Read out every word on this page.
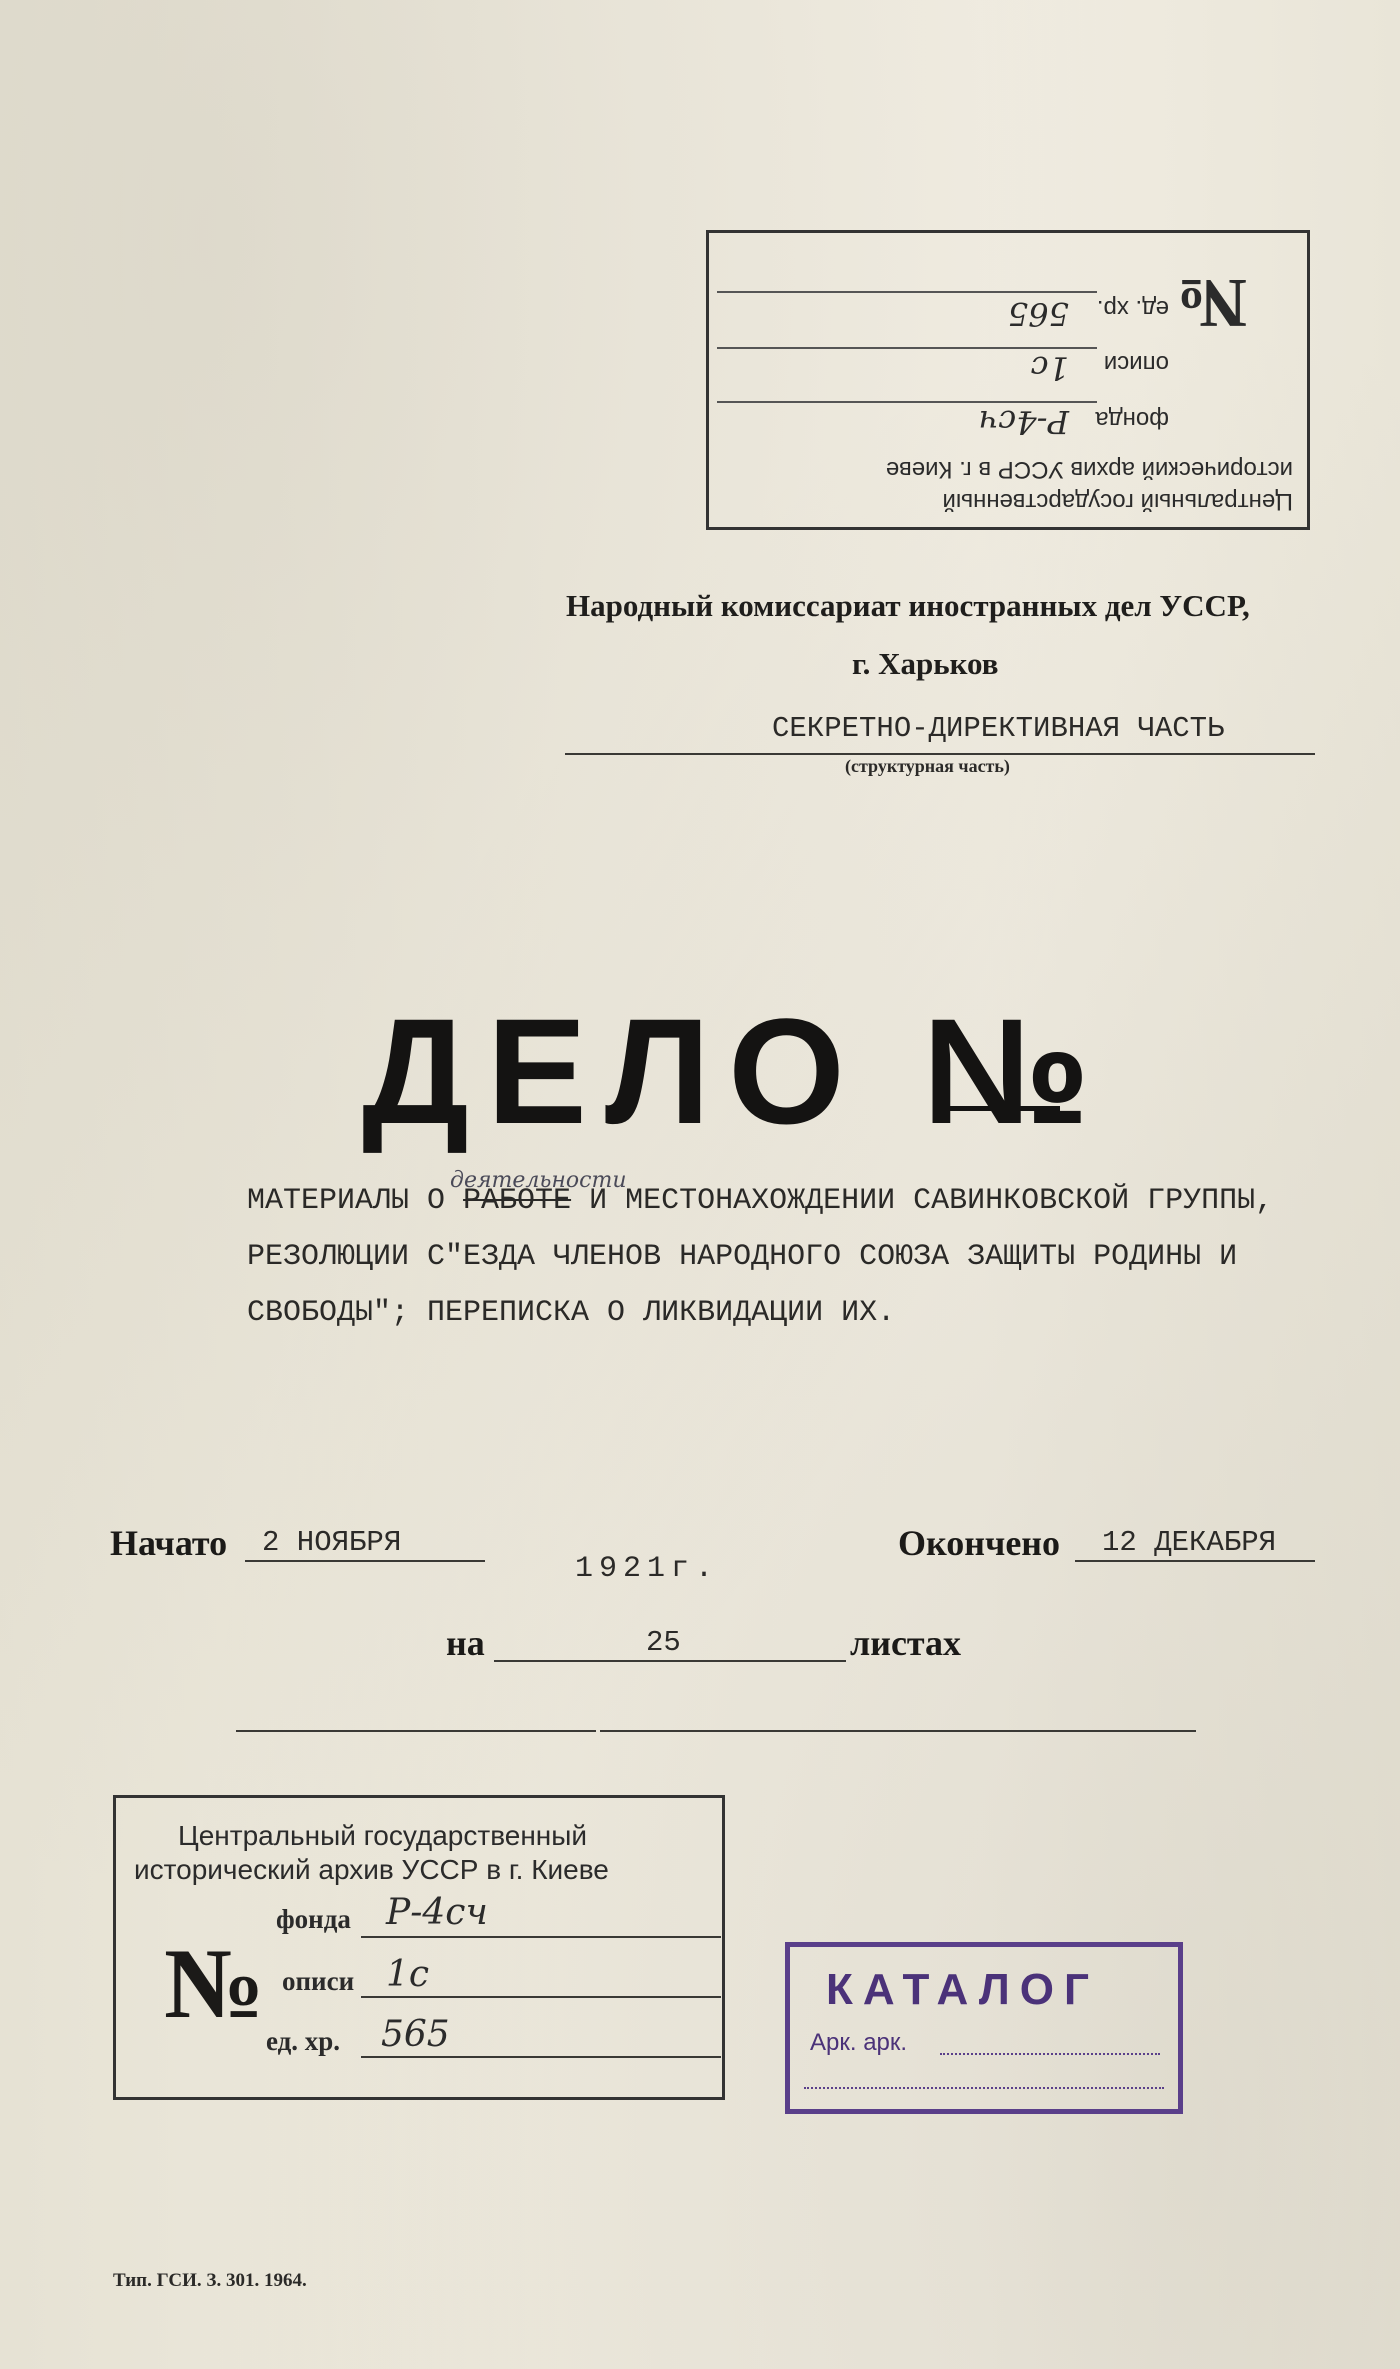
Центральный государственный
исторический архив УССР в г. Киеве
№
фонда
Р-4сч
описи
1с
ед. хр.
565
Народный комиссариат иностранных дел УССР,
г. Харьков
СЕКРЕТНО-ДИРЕКТИВНАЯ ЧАСТЬ
(структурная часть)
ДЕЛО №
деятельности
МАТЕРИАЛЫ О РАБОТЕ И МЕСТОНАХОЖДЕНИИ САВИНКОВСКОЙ ГРУППЫ,
РЕЗОЛЮЦИИ С"ЕЗДА ЧЛЕНОВ НАРОДНОГО СОЮЗА ЗАЩИТЫ РОДИНЫ И
СВОБОДЫ"; ПЕРЕПИСКА О ЛИКВИДАЦИИ ИХ.
Начато 2 НОЯБРЯ
1921г.
Окончено 12 ДЕКАБРЯ
на	25	листах
Центральный государственный
исторический архив УССР в г. Киеве
№
фонда Р-4сч
описи 1с
ед. хр. 565
КАТАЛОГ
Арк. арк.
Тип. ГСИ. З. 301. 1964.
